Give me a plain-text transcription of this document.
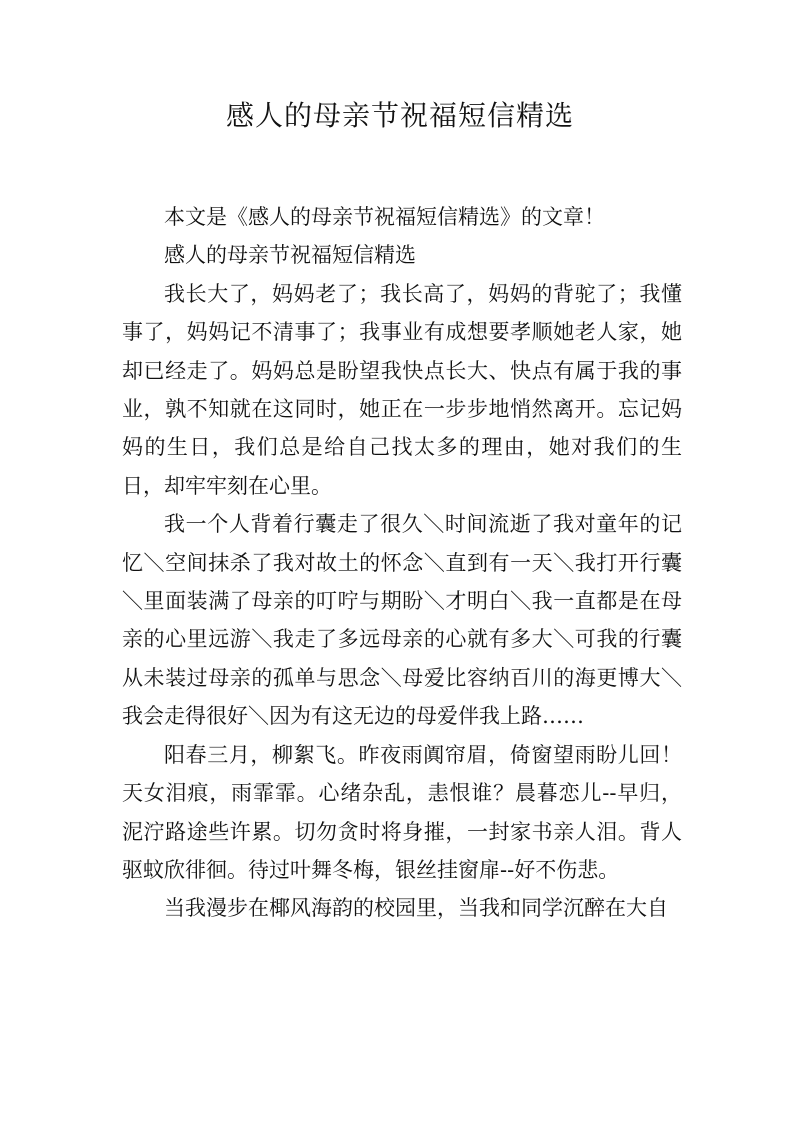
感人的母亲节祝福短信精选

本文是《感人的母亲节祝福短信精选》的文章！

感人的母亲节祝福短信精选

我长大了，妈妈老了；我长高了，妈妈的背驼了；我懂事了，妈妈记不清事了；我事业有成想要孝顺她老人家，她却已经走了。妈妈总是盼望我快点长大、快点有属于我的事业，孰不知就在这同时，她正在一步步地悄然离开。忘记妈妈的生日，我们总是给自己找太多的理由，她对我们的生日，却牢牢刻在心里。

我一个人背着行囊走了很久＼时间流逝了我对童年的记忆＼空间抹杀了我对故土的怀念＼直到有一天＼我打开行囊＼里面装满了母亲的叮咛与期盼＼才明白＼我一直都是在母亲的心里远游＼我走了多远母亲的心就有多大＼可我的行囊从未装过母亲的孤单与思念＼母爱比容纳百川的海更博大＼我会走得很好＼因为有这无边的母爱伴我上路……

阳春三月，柳絮飞。昨夜雨阗帘眉，倚窗望雨盼儿回！天女泪痕，雨霏霏。心绪杂乱，恚恨谁？晨暮恋儿--早归，泥泞路途些许累。切勿贪时将身摧，一封家书亲人泪。背人驱蚊欣徘徊。待过叶舞冬梅，银丝挂窗扉--好不伤悲。

当我漫步在椰风海韵的校园里，当我和同学沉醉在大自
